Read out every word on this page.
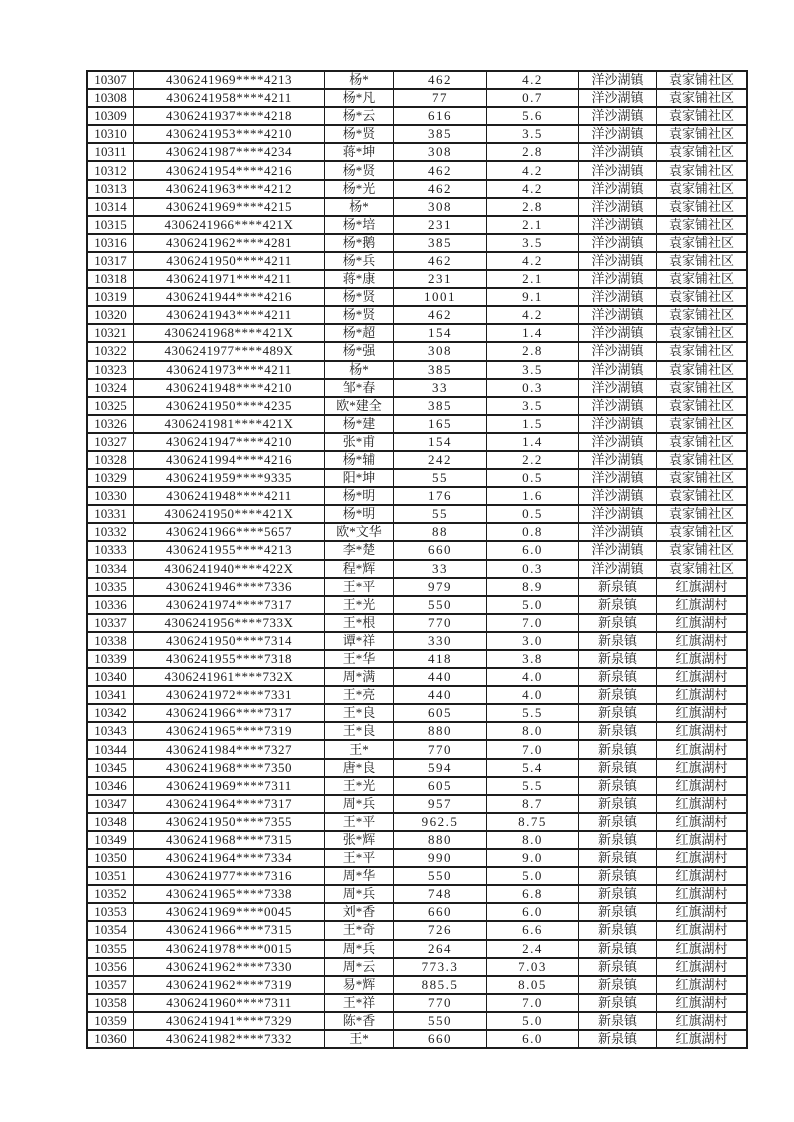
10307	4306241969****4213	杨*	462	4.2	洋沙湖镇	袁家铺社区
10308	4306241958****4211	杨*凡	77	0.7	洋沙湖镇	袁家铺社区
10309	4306241937****4218	杨*云	616	5.6	洋沙湖镇	袁家铺社区
10310	4306241953****4210	杨*贤	385	3.5	洋沙湖镇	袁家铺社区
10311	4306241987****4234	蒋*坤	308	2.8	洋沙湖镇	袁家铺社区
10312	4306241954****4216	杨*贤	462	4.2	洋沙湖镇	袁家铺社区
10313	4306241963****4212	杨*光	462	4.2	洋沙湖镇	袁家铺社区
10314	4306241969****4215	杨*	308	2.8	洋沙湖镇	袁家铺社区
10315	4306241966****421X	杨*培	231	2.1	洋沙湖镇	袁家铺社区
10316	4306241962****4281	杨*鹅	385	3.5	洋沙湖镇	袁家铺社区
10317	4306241950****4211	杨*兵	462	4.2	洋沙湖镇	袁家铺社区
10318	4306241971****4211	蒋*康	231	2.1	洋沙湖镇	袁家铺社区
10319	4306241944****4216	杨*贤	1001	9.1	洋沙湖镇	袁家铺社区
10320	4306241943****4211	杨*贤	462	4.2	洋沙湖镇	袁家铺社区
10321	4306241968****421X	杨*超	154	1.4	洋沙湖镇	袁家铺社区
10322	4306241977****489X	杨*强	308	2.8	洋沙湖镇	袁家铺社区
10323	4306241973****4211	杨*	385	3.5	洋沙湖镇	袁家铺社区
10324	4306241948****4210	邹*春	33	0.3	洋沙湖镇	袁家铺社区
10325	4306241950****4235	欧*建全	385	3.5	洋沙湖镇	袁家铺社区
10326	4306241981****421X	杨*建	165	1.5	洋沙湖镇	袁家铺社区
10327	4306241947****4210	张*甫	154	1.4	洋沙湖镇	袁家铺社区
10328	4306241994****4216	杨*辅	242	2.2	洋沙湖镇	袁家铺社区
10329	4306241959****9335	阳*坤	55	0.5	洋沙湖镇	袁家铺社区
10330	4306241948****4211	杨*明	176	1.6	洋沙湖镇	袁家铺社区
10331	4306241950****421X	杨*明	55	0.5	洋沙湖镇	袁家铺社区
10332	4306241966****5657	欧*文华	88	0.8	洋沙湖镇	袁家铺社区
10333	4306241955****4213	李*楚	660	6.0	洋沙湖镇	袁家铺社区
10334	4306241940****422X	程*辉	33	0.3	洋沙湖镇	袁家铺社区
10335	4306241946****7336	王*平	979	8.9	新泉镇	红旗湖村
10336	4306241974****7317	王*光	550	5.0	新泉镇	红旗湖村
10337	4306241956****733X	王*根	770	7.0	新泉镇	红旗湖村
10338	4306241950****7314	谭*祥	330	3.0	新泉镇	红旗湖村
10339	4306241955****7318	王*华	418	3.8	新泉镇	红旗湖村
10340	4306241961****732X	周*满	440	4.0	新泉镇	红旗湖村
10341	4306241972****7331	王*亮	440	4.0	新泉镇	红旗湖村
10342	4306241966****7317	王*良	605	5.5	新泉镇	红旗湖村
10343	4306241965****7319	王*良	880	8.0	新泉镇	红旗湖村
10344	4306241984****7327	王*	770	7.0	新泉镇	红旗湖村
10345	4306241968****7350	唐*良	594	5.4	新泉镇	红旗湖村
10346	4306241969****7311	王*光	605	5.5	新泉镇	红旗湖村
10347	4306241964****7317	周*兵	957	8.7	新泉镇	红旗湖村
10348	4306241950****7355	王*平	962.5	8.75	新泉镇	红旗湖村
10349	4306241968****7315	张*辉	880	8.0	新泉镇	红旗湖村
10350	4306241964****7334	王*平	990	9.0	新泉镇	红旗湖村
10351	4306241977****7316	周*华	550	5.0	新泉镇	红旗湖村
10352	4306241965****7338	周*兵	748	6.8	新泉镇	红旗湖村
10353	4306241969****0045	刘*香	660	6.0	新泉镇	红旗湖村
10354	4306241966****7315	王*奇	726	6.6	新泉镇	红旗湖村
10355	4306241978****0015	周*兵	264	2.4	新泉镇	红旗湖村
10356	4306241962****7330	周*云	773.3	7.03	新泉镇	红旗湖村
10357	4306241962****7319	易*辉	885.5	8.05	新泉镇	红旗湖村
10358	4306241960****7311	王*祥	770	7.0	新泉镇	红旗湖村
10359	4306241941****7329	陈*香	550	5.0	新泉镇	红旗湖村
10360	4306241982****7332	王*	660	6.0	新泉镇	红旗湖村
